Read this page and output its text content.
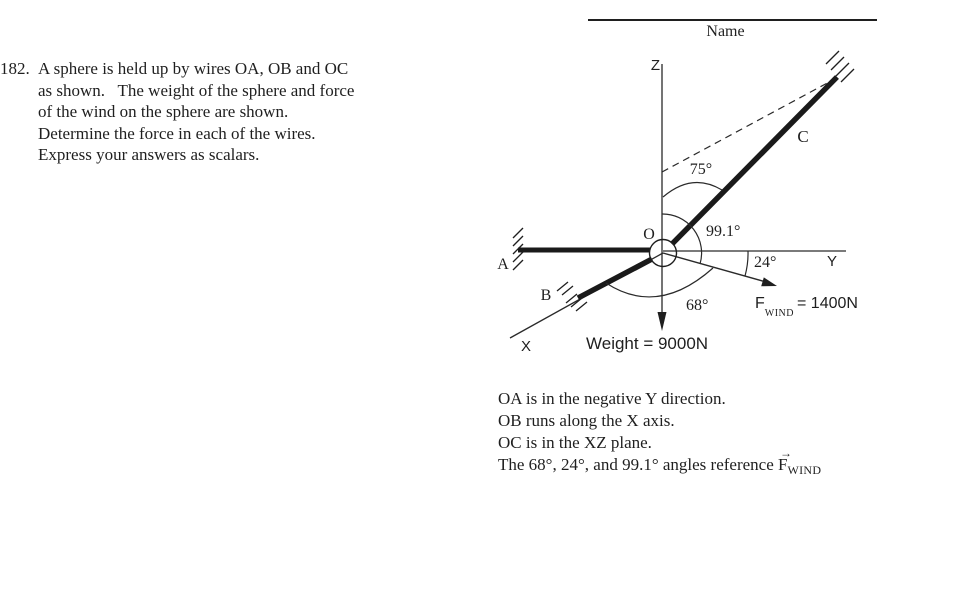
Name
182. A sphere is held up by wires OA, OB and OC
as shown.   The weight of the sphere and force
of the wind on the sphere are shown.
Determine the force in each of the wires.
Express your answers as scalars.
Z
Y
X
O
A
B
C
75°
99.1°
24°
68°
Weight = 9000N
F
WIND
= 1400N
OA is in the negative Y direction.
OB runs along the X axis.
OC is in the XZ plane.
The 68°, 24°, and 99.1° angles reference
→
$F_{WIND}$
